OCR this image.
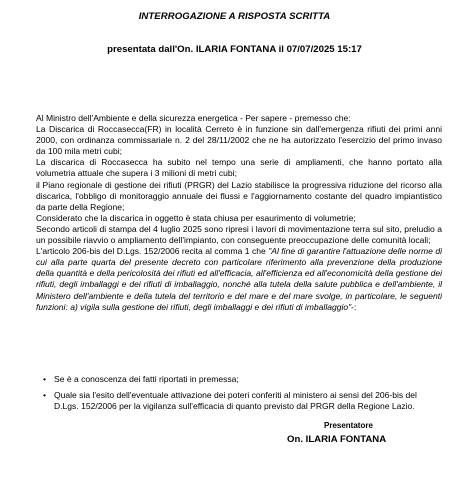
INTERROGAZIONE A RISPOSTA SCRITTA
presentata dall'On. ILARIA FONTANA il 07/07/2025 15:17

Al Ministro dell'Ambiente e della sicurezza energetica - Per sapere - premesso che:

La Discarica di Roccasecca(FR) in località Cerreto è in funzione sin dall'emergenza rifiuti dei primi anni 2000, con ordinanza commissariale n. 2 del 28/11/2002 che ne ha autorizzato l'esercizio del primo invaso da 100 mila metri cubi;

La discarica di Roccasecca ha subito nel tempo una serie di ampliamenti, che hanno portato alla volumetria attuale che supera i 3 milioni di metri cubi;

il Piano regionale di gestione dei rifiuti (PRGR) del Lazio stabilisce la progressiva riduzione del ricorso alla discarica, l'obbligo di monitoraggio annuale dei flussi e l'aggiornamento costante del quadro impiantistico da parte della Regione;

Considerato che la discarica in oggetto è stata chiusa per esaurimento di volumetrie;

Secondo articoli di stampa del 4 luglio 2025 sono ripresi i lavori di movimentazione terra sul sito, preludio a un possibile riavvio o ampliamento dell'impianto, con conseguente preoccupazione delle comunità locali;

L'articolo 206-bis del D.Lgs. 152/2006 recita al comma 1 che "Al fine di garantire l'attuazione delle norme di cui alla parte quarta del presente decreto con particolare riferimento alla prevenzione della produzione della quantità e della pericolosità dei rifiuti ed all'efficacia, all'efficienza ed all'economicità della gestione dei rifiuti, degli imballaggi e dei rifiuti di imballaggio, nonché alla tutela della salute pubblica e dell'ambiente, il Ministero dell'ambiente e della tutela del territorio e del mare e del mare svolge, in particolare, le seguenti funzioni: a) vigila sulla gestione dei rifiuti, degli imballaggi e dei rifiuti di imballaggio"-:

• Se è a conoscenza dei fatti riportati in premessa;
• Quale sia l'esito dell'eventuale attivazione dei poteri conferiti al ministero ai sensi del 206-bis del D.Lgs. 152/2006 per la vigilanza sull'efficacia di quanto previsto dal PRGR della Regione Lazio.
Presentatore
On. ILARIA FONTANA
